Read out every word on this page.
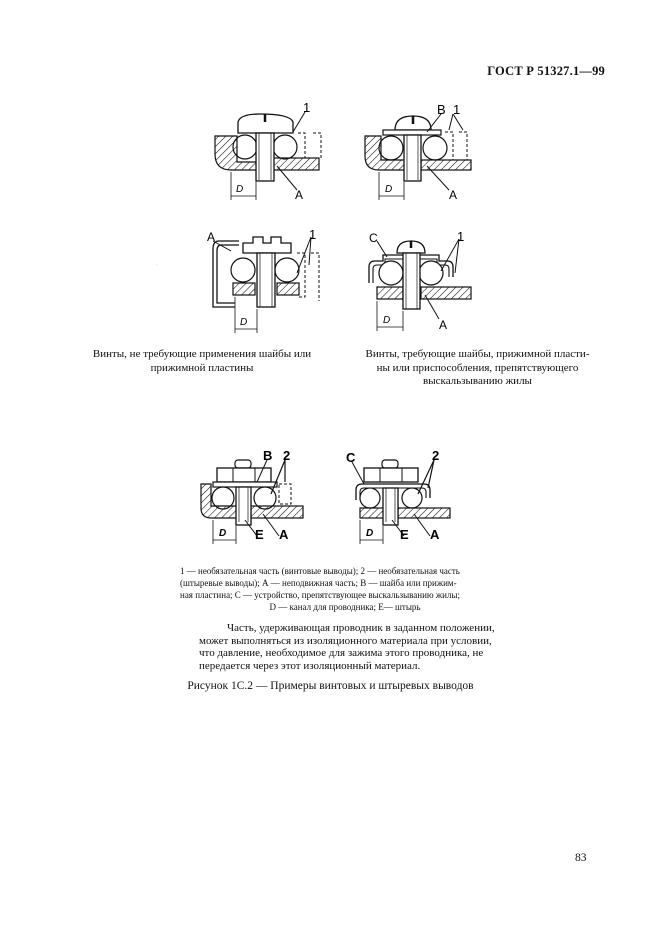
ГОСТ Р 51327.1—99
·
1
A
D
B 1
A
D
A	1
D
C	1
A
D
Винты, не требующие применения шайбы или
прижимной пластины
Винты, требующие шайбы, прижимной пласти-
ны или приспособления, препятствующего
выскальзыванию жилы
B 2
E A
D
C	2
E A
D
1 — необязательная часть (винтовые выводы); 2 — необязательная часть
(штыревые выводы); А — неподвижная часть; В — шайба или прижим-
ная пластина; С — устройство, препятствующее выскальзыванию жилы;
D — канал для проводника; Е— штырь

Часть, удерживающая проводник в заданном положении,

может выполняться из изоляционного материала при условии,
что давление, необходимое для зажима этого проводника, не
передается через этот изоляционный материал.
Рисунок 1С.2 — Примеры винтовых и штыревых выводов
83
